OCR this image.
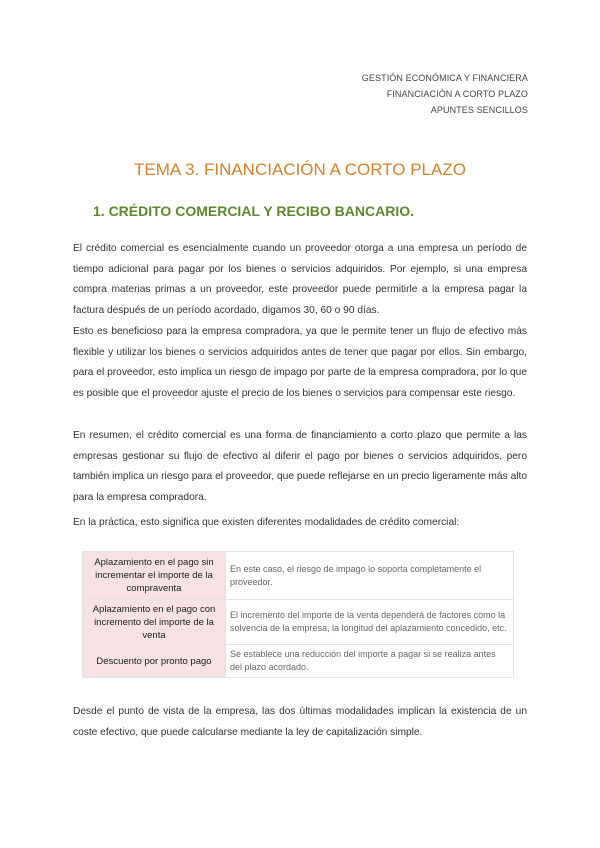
GESTIÓN ECONÓMICA Y FINANCIERA
FINANCIACIÓN A CORTO PLAZO
APUNTES SENCILLOS
TEMA 3. FINANCIACIÓN A CORTO PLAZO
1. CRÉDITO COMERCIAL Y RECIBO BANCARIO.

El crédito comercial es esencialmente cuando un proveedor otorga a una empresa un período de tiempo adicional para pagar por los bienes o servicios adquiridos. Por ejemplo, si una empresa compra materias primas a un proveedor, este proveedor puede permitirle a la empresa pagar la factura después de un período acordado, digamos 30, 60 o 90 días.

Esto es beneficioso para la empresa compradora, ya que le permite tener un flujo de efectivo más flexible y utilizar los bienes o servicios adquiridos antes de tener que pagar por ellos. Sin embargo, para el proveedor, esto implica un riesgo de impago por parte de la empresa compradora, por lo que es posible que el proveedor ajuste el precio de los bienes o servicios para compensar este riesgo.

En resumen, el crédito comercial es una forma de financiamiento a corto plazo que permite a las empresas gestionar su flujo de efectivo al diferir el pago por bienes o servicios adquiridos, pero también implica un riesgo para el proveedor, que puede reflejarse en un precio ligeramente más alto para la empresa compradora.

En la práctica, esto significa que existen diferentes modalidades de crédito comercial:

Aplazamiento en el pago sin incrementar el importe de la compraventa	En este caso, el riesgo de impago lo soporta completamente el proveedor.
Aplazamiento en el pago con incremento del importe de la venta	El incremento del importe de la venta dependerá de factores como la solvencia de la empresa, la longitud del aplazamiento concedido, etc.
Descuento por pronto pago	Se establece una reducción del importe a pagar si se realiza antes del plazo acordado.

Desde el punto de vista de la empresa, las dos últimas modalidades implican la existencia de un coste efectivo, que puede calcularse mediante la ley de capitalización simple.
